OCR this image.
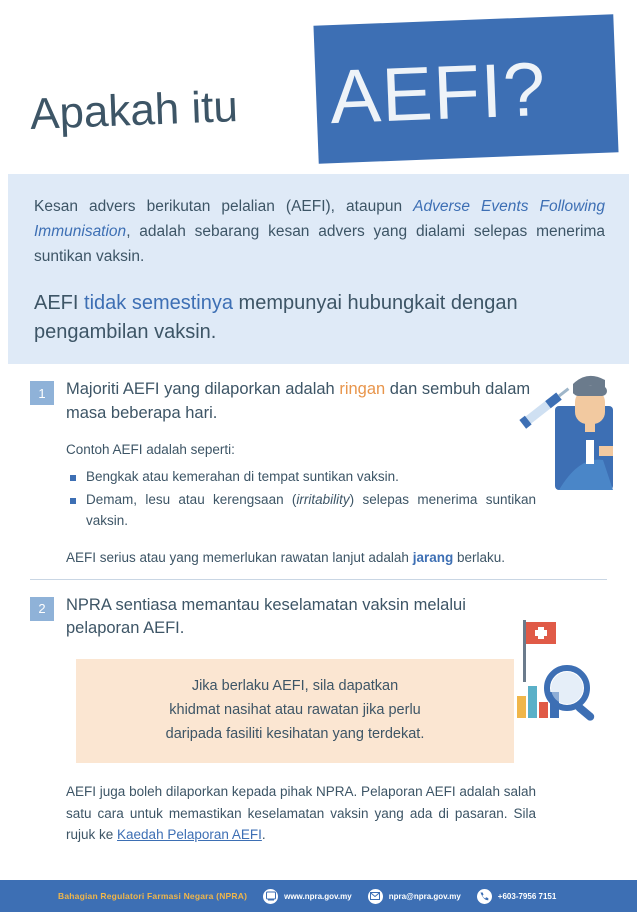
Apakah itu AEFI?

Kesan advers berikutan pelalian (AEFI), ataupun Adverse Events Following Immunisation, adalah sebarang kesan advers yang dialami selepas menerima suntikan vaksin.

AEFI tidak semestinya mempunyai hubungkait dengan pengambilan vaksin.

1	Majoriti AEFI yang dilaporkan adalah ringan dan sembuh dalam masa beberapa hari.

Contoh AEFI adalah seperti:

Bengkak atau kemerahan di tempat suntikan vaksin.
Demam, lesu atau kerengsaan (irritability) selepas menerima suntikan vaksin.

AEFI serius atau yang memerlukan rawatan lanjut adalah jarang berlaku.

2	NPRA sentiasa memantau keselamatan vaksin melalui pelaporan AEFI.

Jika berlaku AEFI, sila dapatkan

khidmat nasihat atau rawatan jika perlu

daripada fasiliti kesihatan yang terdekat.

AEFI juga boleh dilaporkan kepada pihak NPRA. Pelaporan AEFI adalah salah satu cara untuk memastikan keselamatan vaksin yang ada di pasaran. Sila rujuk ke Kaedah Pelaporan AEFI.

Bahagian Regulatori Farmasi Negara (NPRA)	www.npra.gov.my	npra@npra.gov.my	+603-7956 7151
